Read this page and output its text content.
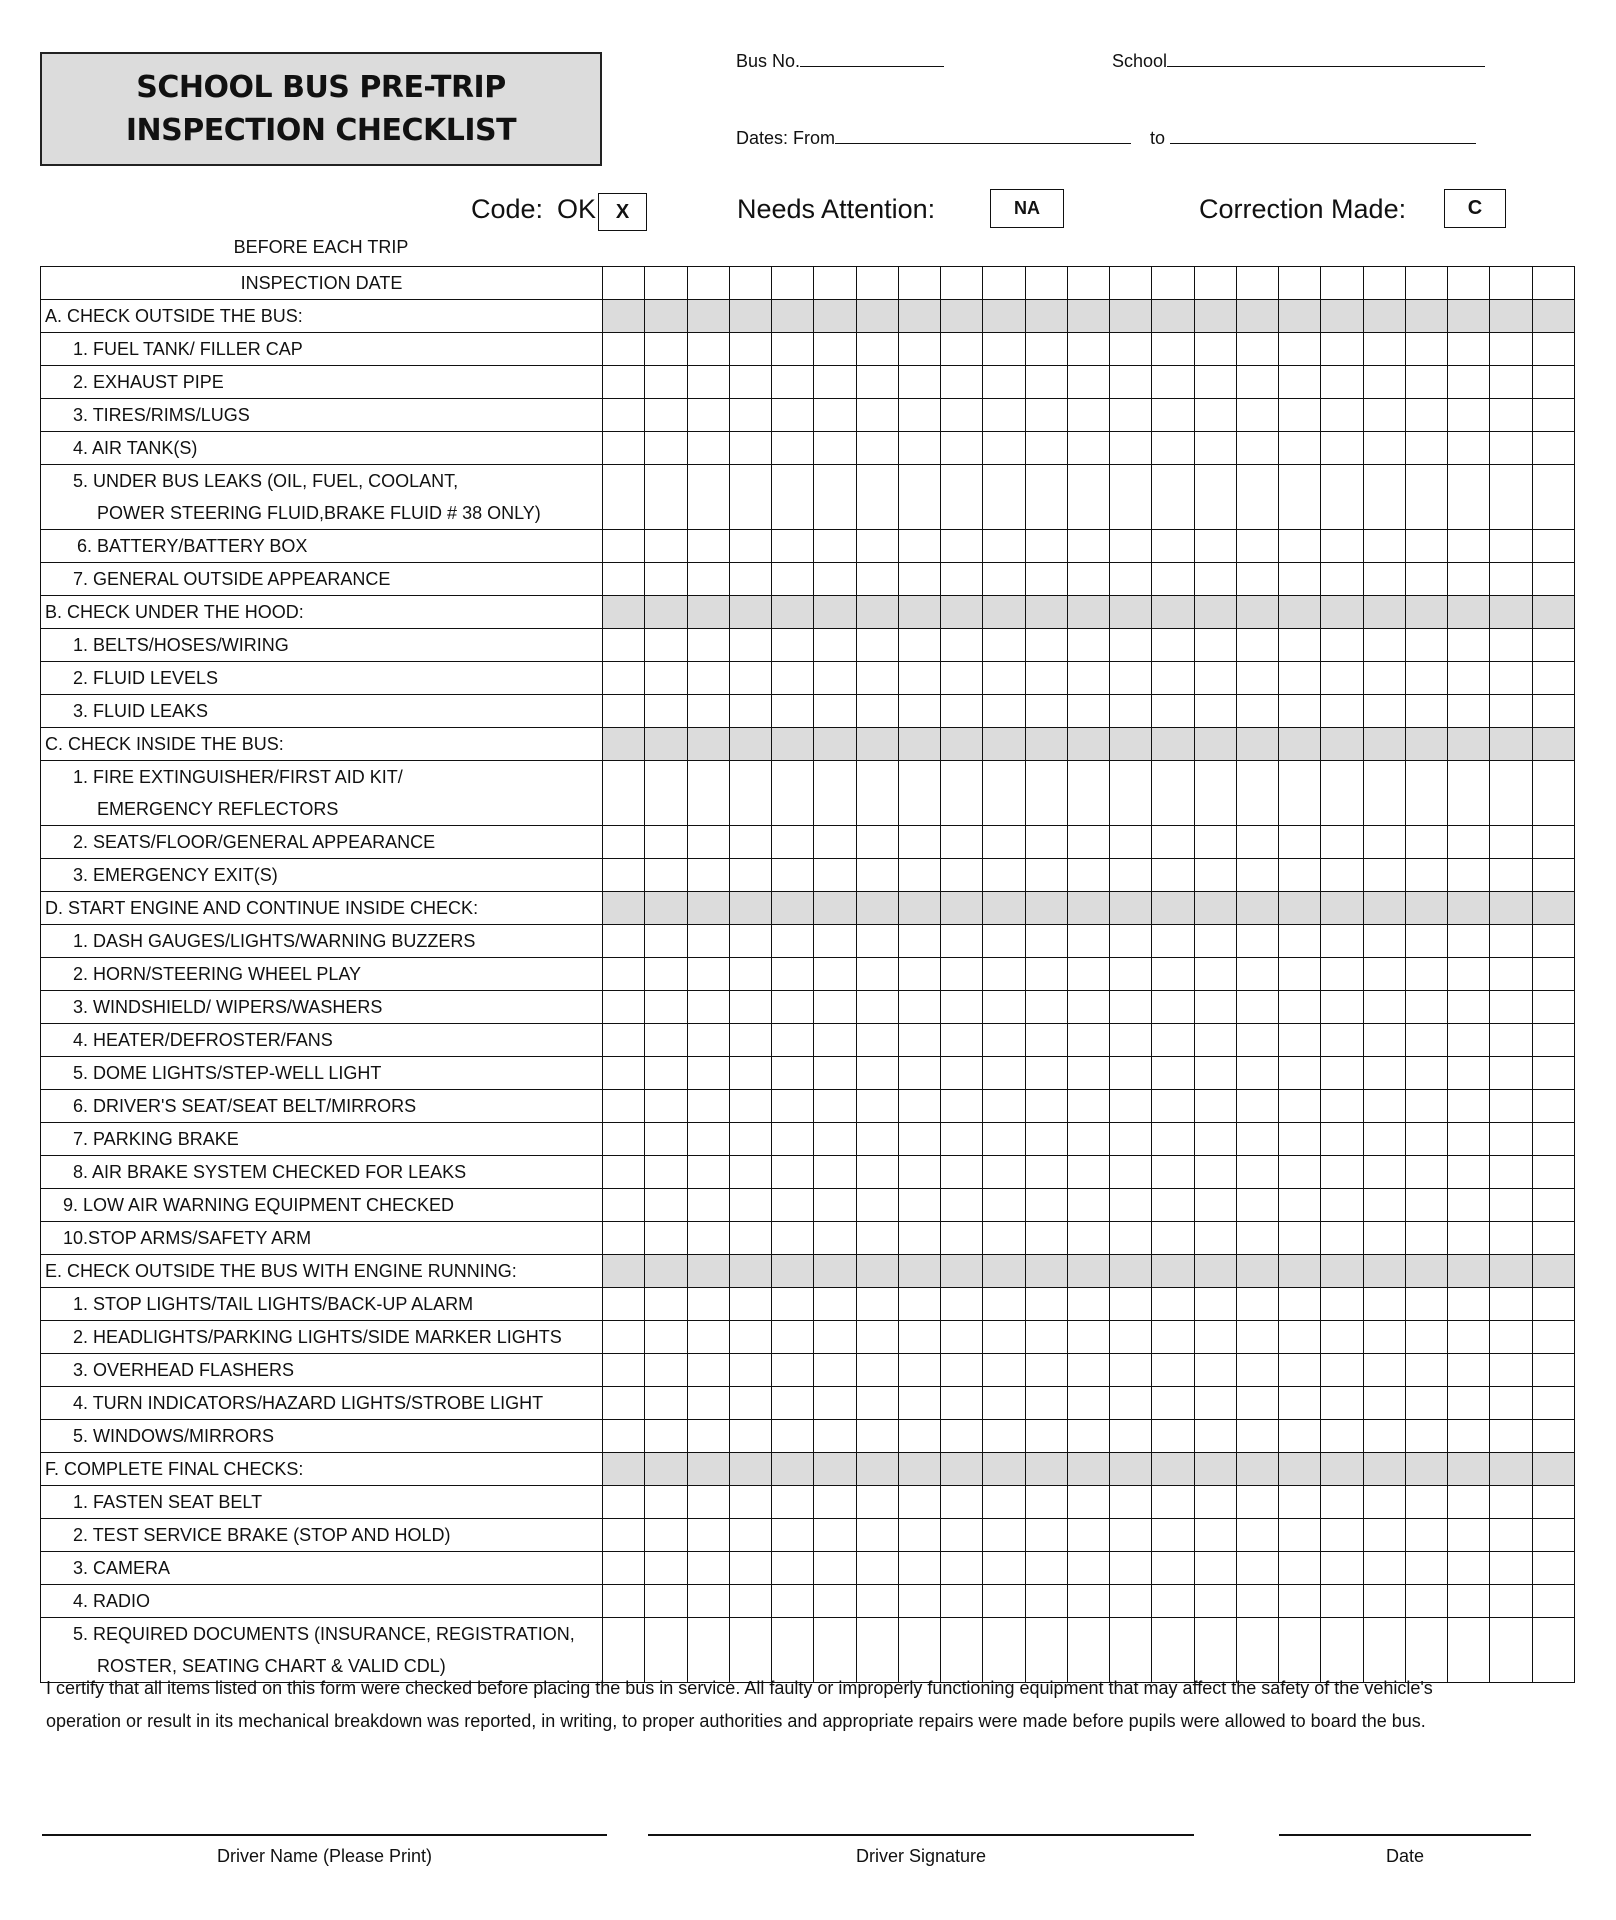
SCHOOL BUS PRE-TRIP
INSPECTION CHECKLIST
Bus No.	School
Dates: From	to
Code: OK X	Needs Attention:	NA	Correction Made:	C
BEFORE EACH TRIP
INSPECTION DATE																							
A. CHECK OUTSIDE THE BUS:																							
1. FUEL TANK/ FILLER CAP																							
2. EXHAUST PIPE																							
3. TIRES/RIMS/LUGS																							
4. AIR TANK(S)																							

5. UNDER BUS LEAKS (OIL, FUEL, COOLANT,
POWER STEERING FLUID,BRAKE FLUID # 38 ONLY)																							

6. BATTERY/BATTERY BOX																							
7. GENERAL OUTSIDE APPEARANCE																							
B. CHECK UNDER THE HOOD:																							
1. BELTS/HOSES/WIRING																							
2. FLUID LEVELS																							
3. FLUID LEAKS																							
C. CHECK INSIDE THE BUS:																							

1. FIRE EXTINGUISHER/FIRST AID KIT/
EMERGENCY REFLECTORS																							

2. SEATS/FLOOR/GENERAL APPEARANCE																							
3. EMERGENCY EXIT(S)																							
D. START ENGINE AND CONTINUE INSIDE CHECK:																							
1. DASH GAUGES/LIGHTS/WARNING BUZZERS																							
2. HORN/STEERING WHEEL PLAY																							
3. WINDSHIELD/ WIPERS/WASHERS																							
4. HEATER/DEFROSTER/FANS																							
5. DOME LIGHTS/STEP-WELL LIGHT																							
6. DRIVER'S SEAT/SEAT BELT/MIRRORS																							
7. PARKING BRAKE																							
8. AIR BRAKE SYSTEM CHECKED FOR LEAKS																							
9. LOW AIR WARNING EQUIPMENT CHECKED																							
10.STOP ARMS/SAFETY ARM																							
E. CHECK OUTSIDE THE BUS WITH ENGINE RUNNING:																							
1. STOP LIGHTS/TAIL LIGHTS/BACK-UP ALARM																							
2. HEADLIGHTS/PARKING LIGHTS/SIDE MARKER LIGHTS																							
3. OVERHEAD FLASHERS																							
4. TURN INDICATORS/HAZARD LIGHTS/STROBE LIGHT																							
5. WINDOWS/MIRRORS																							
F. COMPLETE FINAL CHECKS:																							
1. FASTEN SEAT BELT																							
2. TEST SERVICE BRAKE (STOP AND HOLD)																							
3. CAMERA																							
4. RADIO																							

5. REQUIRED DOCUMENTS (INSURANCE, REGISTRATION,
ROSTER, SEATING CHART & VALID CDL)																							

I certify that all items listed on this form were checked before placing the bus in service. All faulty or improperly functioning equipment that may affect the safety of the vehicle's operation or result in its mechanical breakdown was reported, in writing, to proper authorities and appropriate repairs were made before pupils were allowed to board the bus.
Driver Name (Please Print)	Driver Signature	Date
